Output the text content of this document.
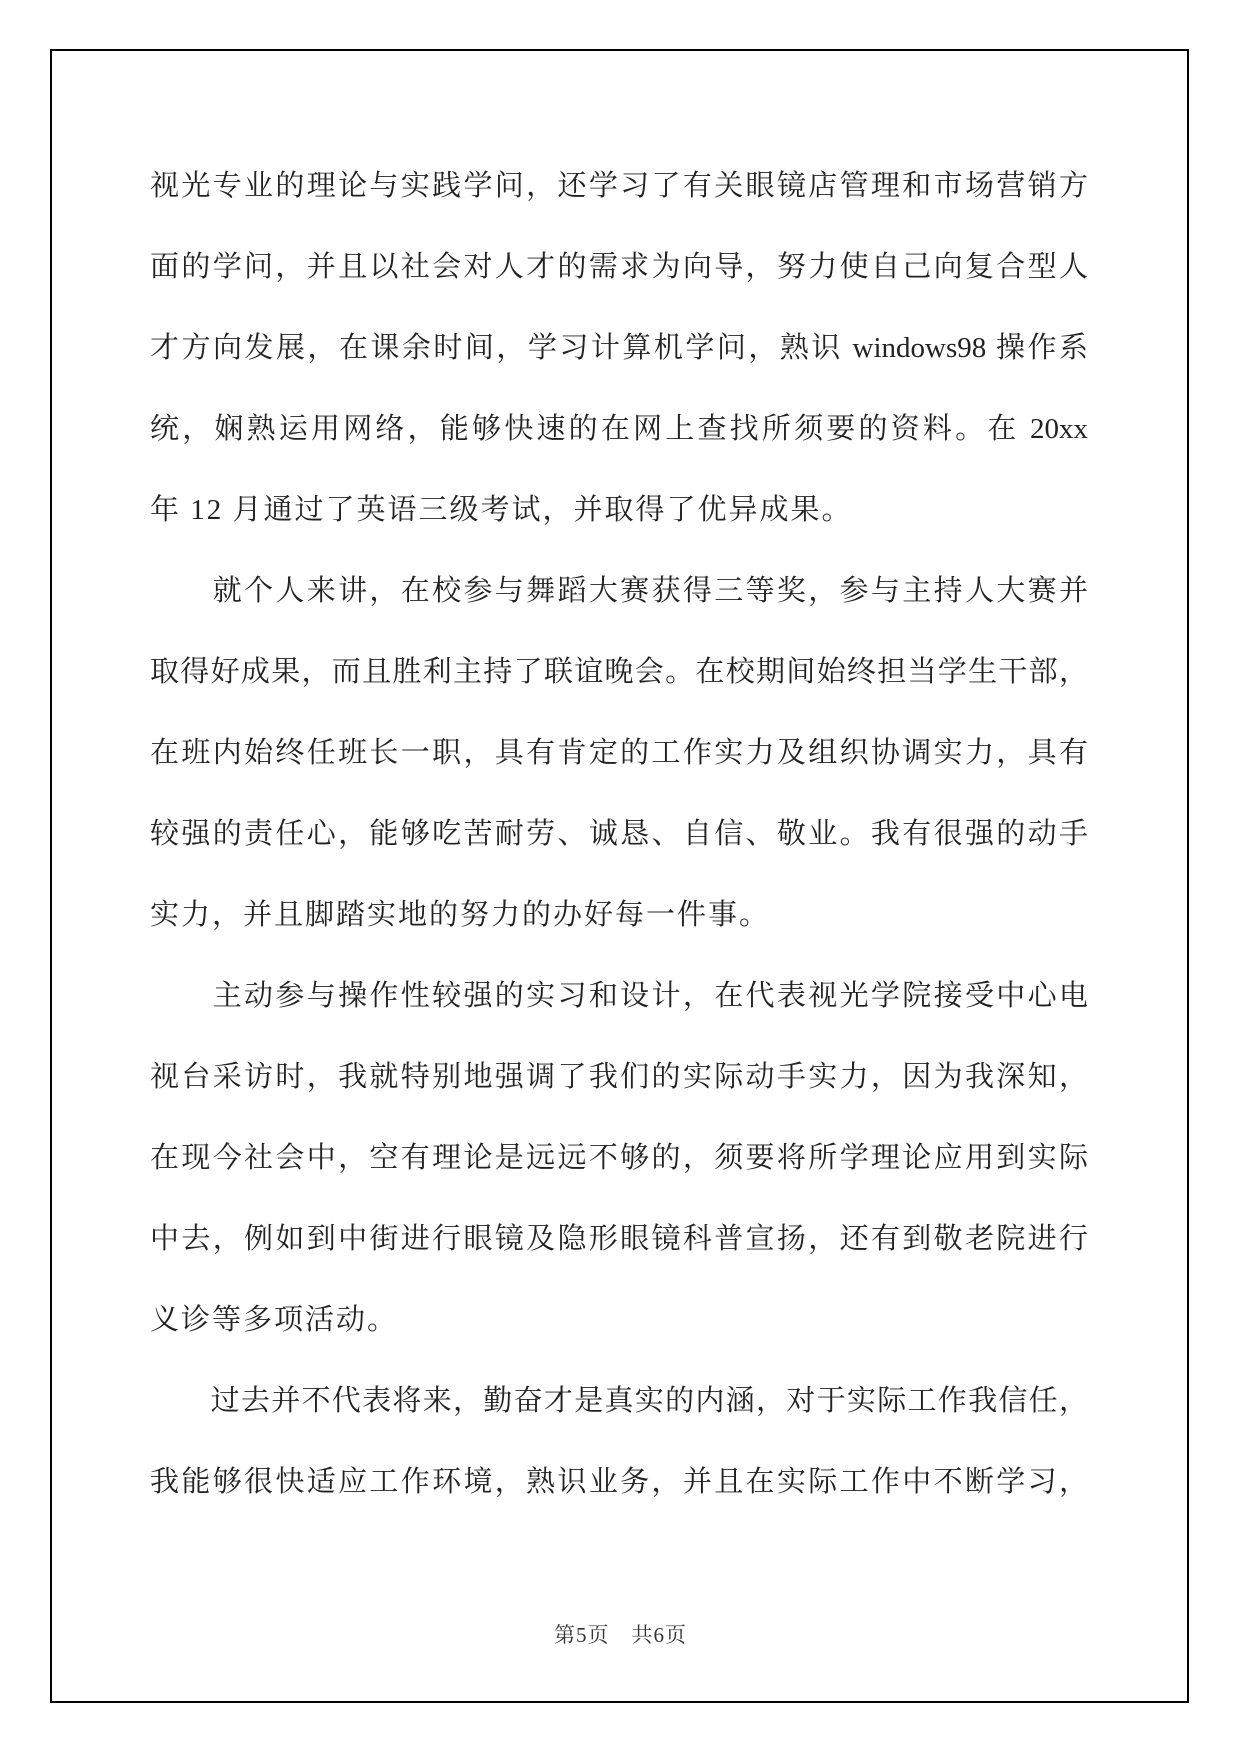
视光专业的理论与实践学问，还学习了有关眼镜店管理和市场营销方
面的学问，并且以社会对人才的需求为向导，努力使自己向复合型人
才方向发展，在课余时间，学习计算机学问，熟识 windows98 操作系
统，娴熟运用网络，能够快速的在网上查找所须要的资料。在 20xx
年 12 月通过了英语三级考试，并取得了优异成果。
　　就个人来讲，在校参与舞蹈大赛获得三等奖，参与主持人大赛并
取得好成果，而且胜利主持了联谊晚会。在校期间始终担当学生干部，
在班内始终任班长一职，具有肯定的工作实力及组织协调实力，具有
较强的责任心，能够吃苦耐劳、诚恳、自信、敬业。我有很强的动手
实力，并且脚踏实地的努力的办好每一件事。
　　主动参与操作性较强的实习和设计，在代表视光学院接受中心电
视台采访时，我就特别地强调了我们的实际动手实力，因为我深知，
在现今社会中，空有理论是远远不够的，须要将所学理论应用到实际
中去，例如到中街进行眼镜及隐形眼镜科普宣扬，还有到敬老院进行
义诊等多项活动。
　　过去并不代表将来，勤奋才是真实的内涵，对于实际工作我信任，
我能够很快适应工作环境，熟识业务，并且在实际工作中不断学习，
第5页　共6页
